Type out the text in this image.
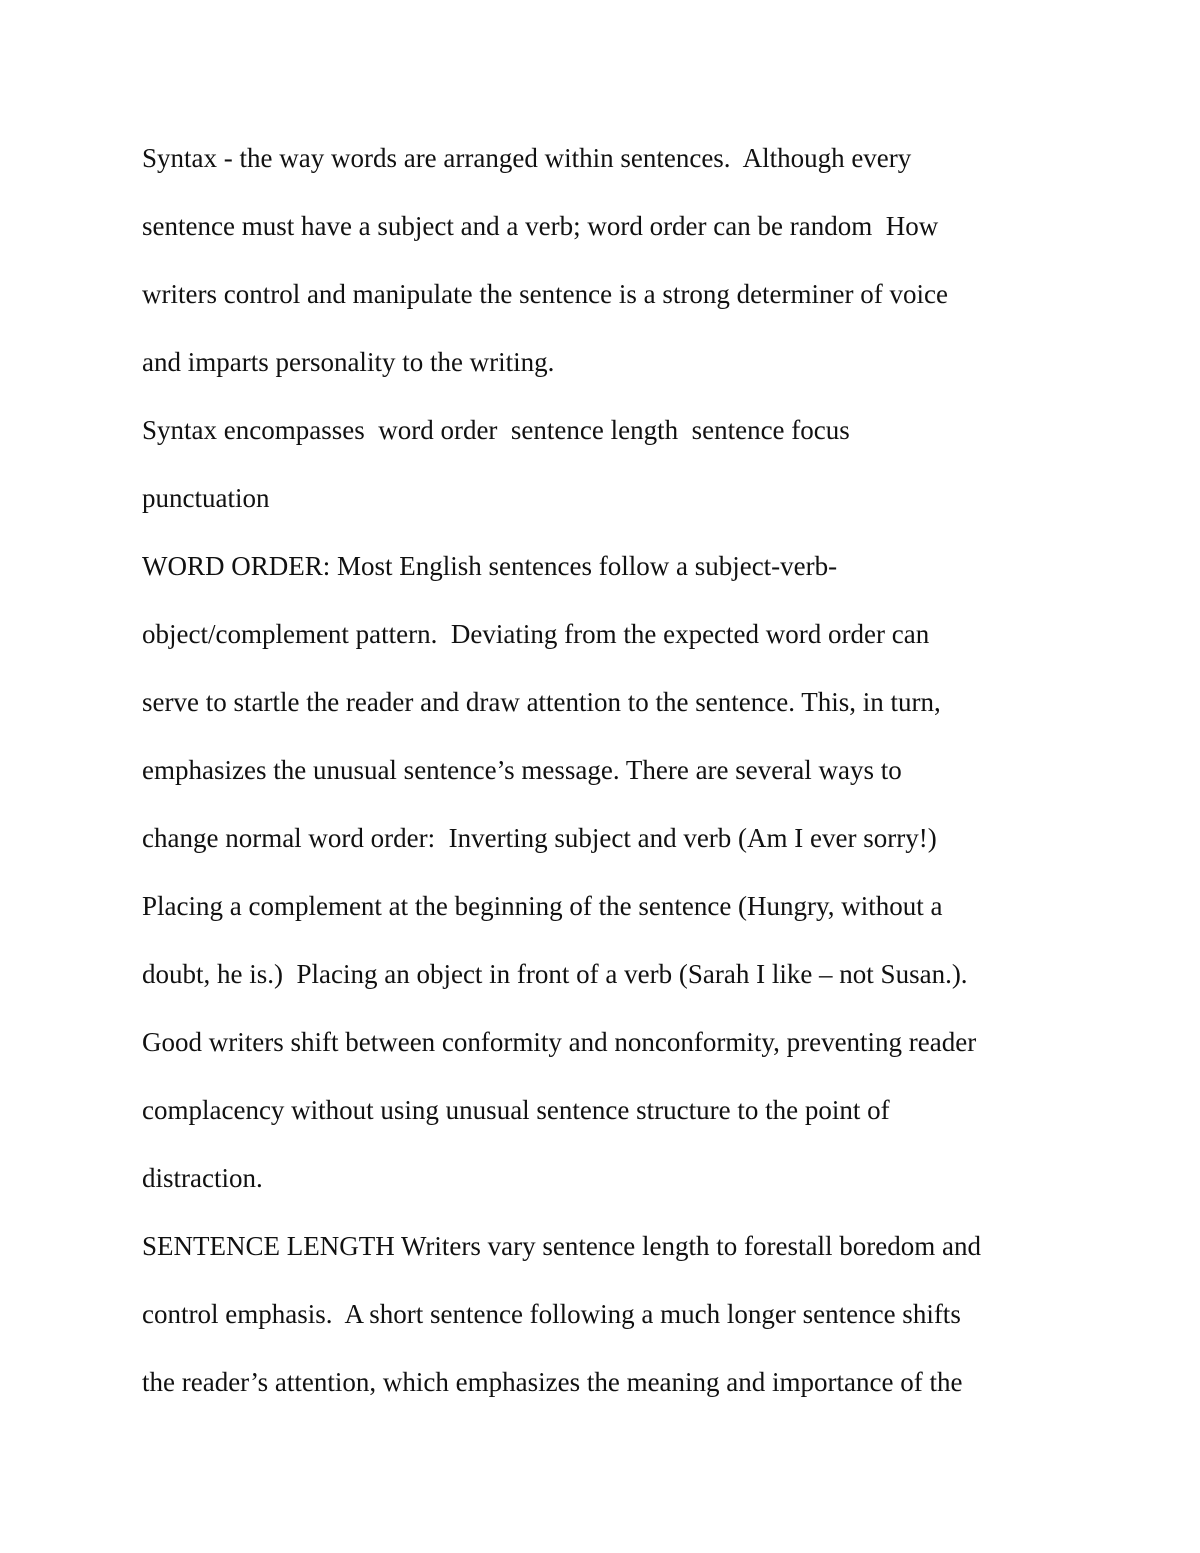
Syntax - the way words are arranged within sentences.  Although every
sentence must have a subject and a verb; word order can be random  How
writers control and manipulate the sentence is a strong determiner of voice
and imparts personality to the writing.
Syntax encompasses  word order  sentence length  sentence focus
punctuation
WORD ORDER: Most English sentences follow a subject-verb-
object/complement pattern.  Deviating from the expected word order can
serve to startle the reader and draw attention to the sentence. This, in turn,
emphasizes the unusual sentence’s message. There are several ways to
change normal word order:  Inverting subject and verb (Am I ever sorry!)
Placing a complement at the beginning of the sentence (Hungry, without a
doubt, he is.)  Placing an object in front of a verb (Sarah I like – not Susan.).
Good writers shift between conformity and nonconformity, preventing reader
complacency without using unusual sentence structure to the point of
distraction.
SENTENCE LENGTH Writers vary sentence length to forestall boredom and
control emphasis.  A short sentence following a much longer sentence shifts
the reader’s attention, which emphasizes the meaning and importance of the
